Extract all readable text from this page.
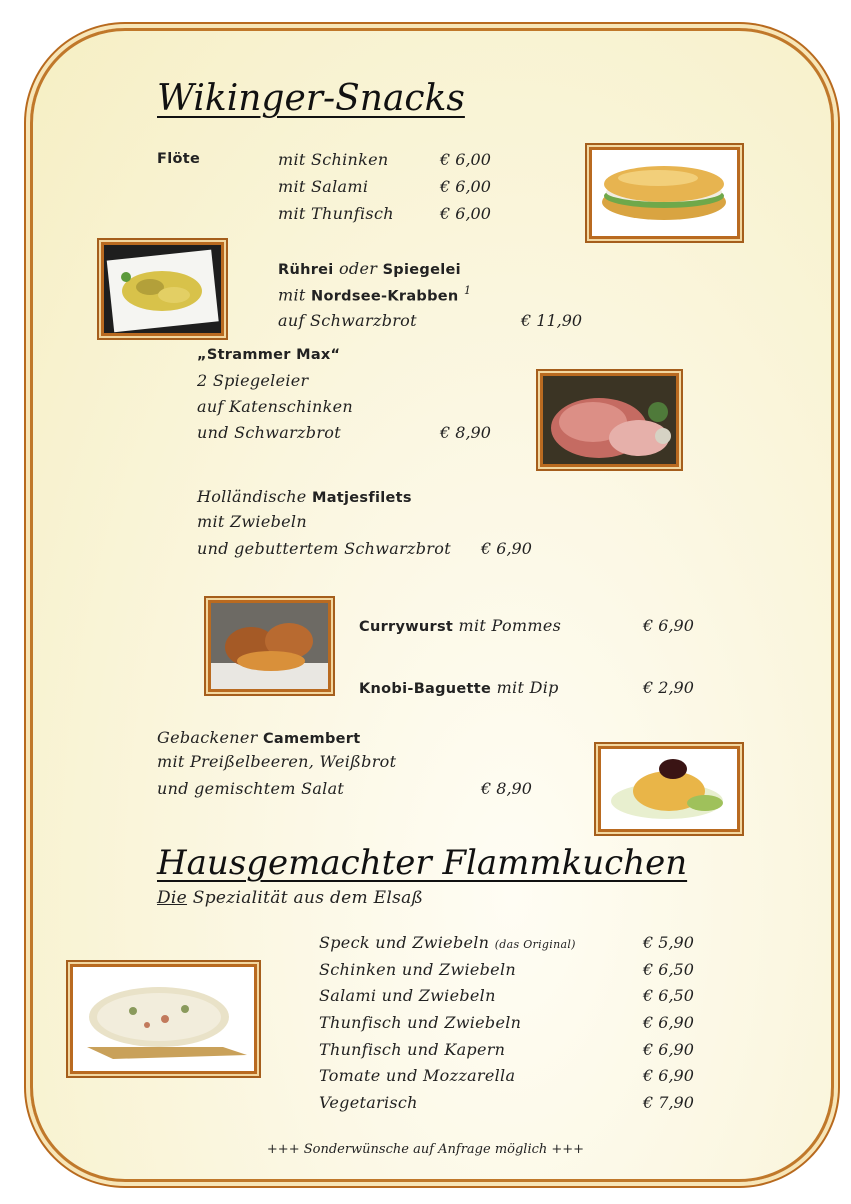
Wikinger-Snacks
Flöte	mit Schinken	€ 6,00
mit Salami	€ 6,00
mit Thunfisch	€ 6,00
Rührei oder Spiegelei
mit Nordsee-Krabben $^1$
auf Schwarzbrot	€ 11,90
„Strammer Max“
2 Spiegeleier
auf Katenschinken
und Schwarzbrot	€ 8,90
Holländische Matjesfilets
mit Zwiebeln
und gebuttertem Schwarzbrot € 6,90
Currywurst mit Pommes	€ 6,90
Knobi-Baguette mit Dip	€ 2,90
Gebackener Camembert
mit Preißelbeeren, Weißbrot
und gemischtem Salat	€ 8,90
Hausgemachter Flammkuchen
Die Spezialität aus dem Elsaß
Speck und Zwiebeln (das Original)	€ 5,90
Schinken und Zwiebeln	€ 6,50
Salami und Zwiebeln	€ 6,50
Thunfisch und Zwiebeln	€ 6,90
Thunfisch und Kapern	€ 6,90
Tomate und Mozzarella	€ 6,90
Vegetarisch	€ 7,90
+++ Sonderwünsche auf Anfrage möglich +++
